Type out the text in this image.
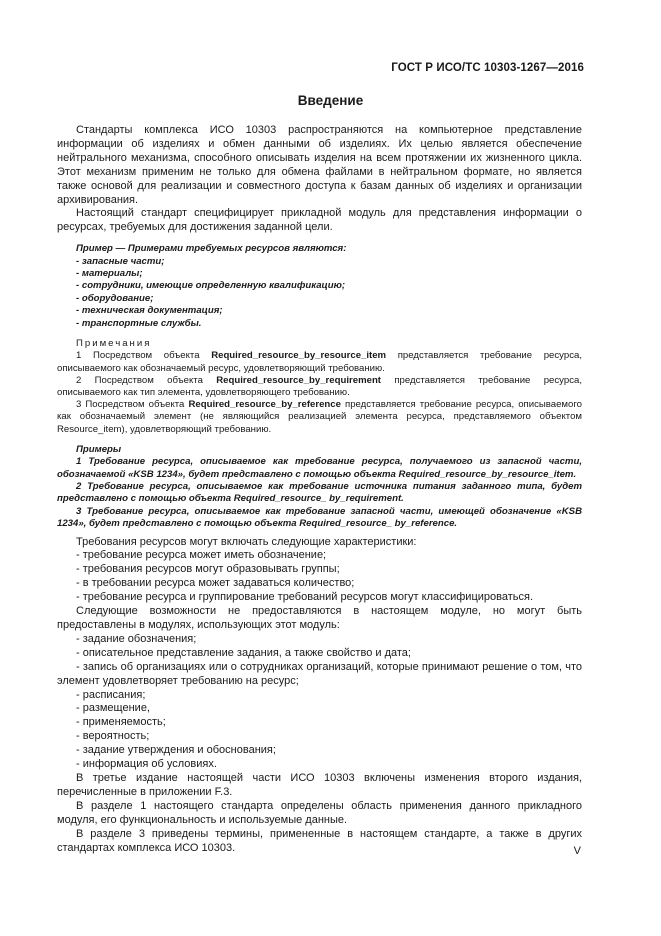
ГОСТ Р ИСО/ТС 10303-1267—2016
Введение

Стандарты комплекса ИСО 10303 распространяются на компьютерное представление информации об изделиях и обмен данными об изделиях. Их целью является обеспечение нейтрального механизма, способного описывать изделия на всем протяжении их жизненного цикла. Этот механизм применим не только для обмена файлами в нейтральном формате, но является также основой для реализации и совместного доступа к базам данных об изделиях и организации архивирования.

Настоящий стандарт специфицирует прикладной модуль для представления информации о ресурсах, требуемых для достижения заданной цели.

Пример — Примерами требуемых ресурсов являются:

- запасные части;

- материалы;

- сотрудники, имеющие определенную квалификацию;

- оборудование;

- техническая документация;

- транспортные службы.

Примечания

1 Посредством объекта Required_resource_by_resource_item представляется требование ресурса, описываемого как обозначаемый ресурс, удовлетворяющий требованию.

2 Посредством объекта Required_resource_by_requirement представляется требование ресурса, описываемого как тип элемента, удовлетворяющего требованию.

3 Посредством объекта Required_resource_by_reference представляется требование ресурса, описываемого как обозначаемый элемент (не являющийся реализацией элемента ресурса, представляемого объектом Resource_item), удовлетворяющий требованию.

Примеры

1 Требование ресурса, описываемое как требование ресурса, получаемого из запасной части, обозначаемой «KSB 1234», будет представлено с помощью объекта Required_resource_by_resource_item.

2 Требование ресурса, описываемое как требование источника питания заданного типа, будет представлено с помощью объекта Required_resource_ by_requirement.

3 Требование ресурса, описываемое как требование запасной части, имеющей обозначение «KSB 1234», будет представлено с помощью объекта Required_resource_ by_reference.

Требования ресурсов могут включать следующие характеристики:

- требование ресурса может иметь обозначение;

- требования ресурсов могут образовывать группы;

- в требовании ресурса может задаваться количество;

- требование ресурса и группирование требований ресурсов могут классифицироваться.

Следующие возможности не предоставляются в настоящем модуле, но могут быть предоставлены в модулях, использующих этот модуль:

- задание обозначения;

- описательное представление задания, а также свойство и дата;

- запись об организациях или о сотрудниках организаций, которые принимают решение о том, что элемент удовлетворяет требованию на ресурс;

- расписания;

- размещение,

- применяемость;

- вероятность;

- задание утверждения и обоснования;

- информация об условиях.

В третье издание настоящей части ИСО 10303 включены изменения второго издания, перечисленные в приложении F.3.

В разделе 1 настоящего стандарта определены область применения данного прикладного модуля, его функциональность и используемые данные.

В разделе 3 приведены термины, примененные в настоящем стандарте, а также в других стандартах комплекса ИСО 10303.	V
